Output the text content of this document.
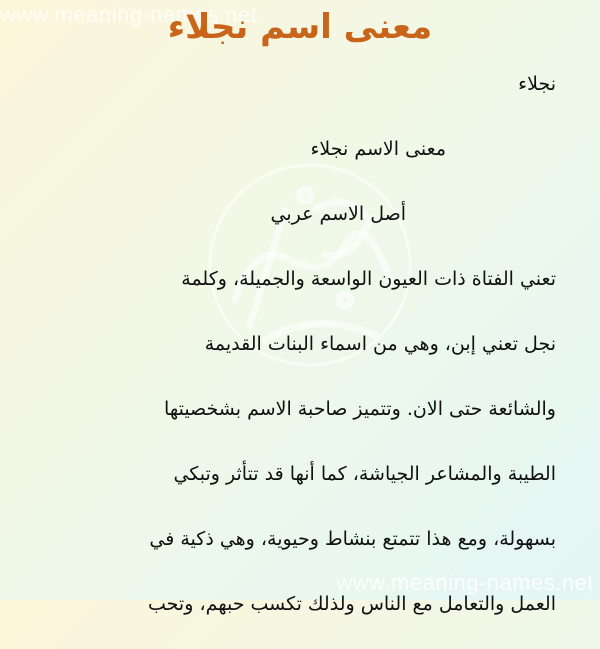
www.meaning-names.net
www.meaning-names.net
معنى اسم نجلاء
نجلاء
معنى الاسم نجلاء
أصل الاسم عربي
تعني الفتاة ذات العيون الواسعة والجميلة، وكلمة
نجل تعني إبن، وهي من اسماء البنات القديمة
والشائعة حتى الان. وتتميز صاحبة الاسم بشخصيتها
الطيبة والمشاعر الجياشة، كما أنها قد تتأثر وتبكي
بسهولة، ومع هذا تتمتع بنشاط وحيوية، وهي ذكية في
العمل والتعامل مع الناس ولذلك تكسب حبهم، وتحب
